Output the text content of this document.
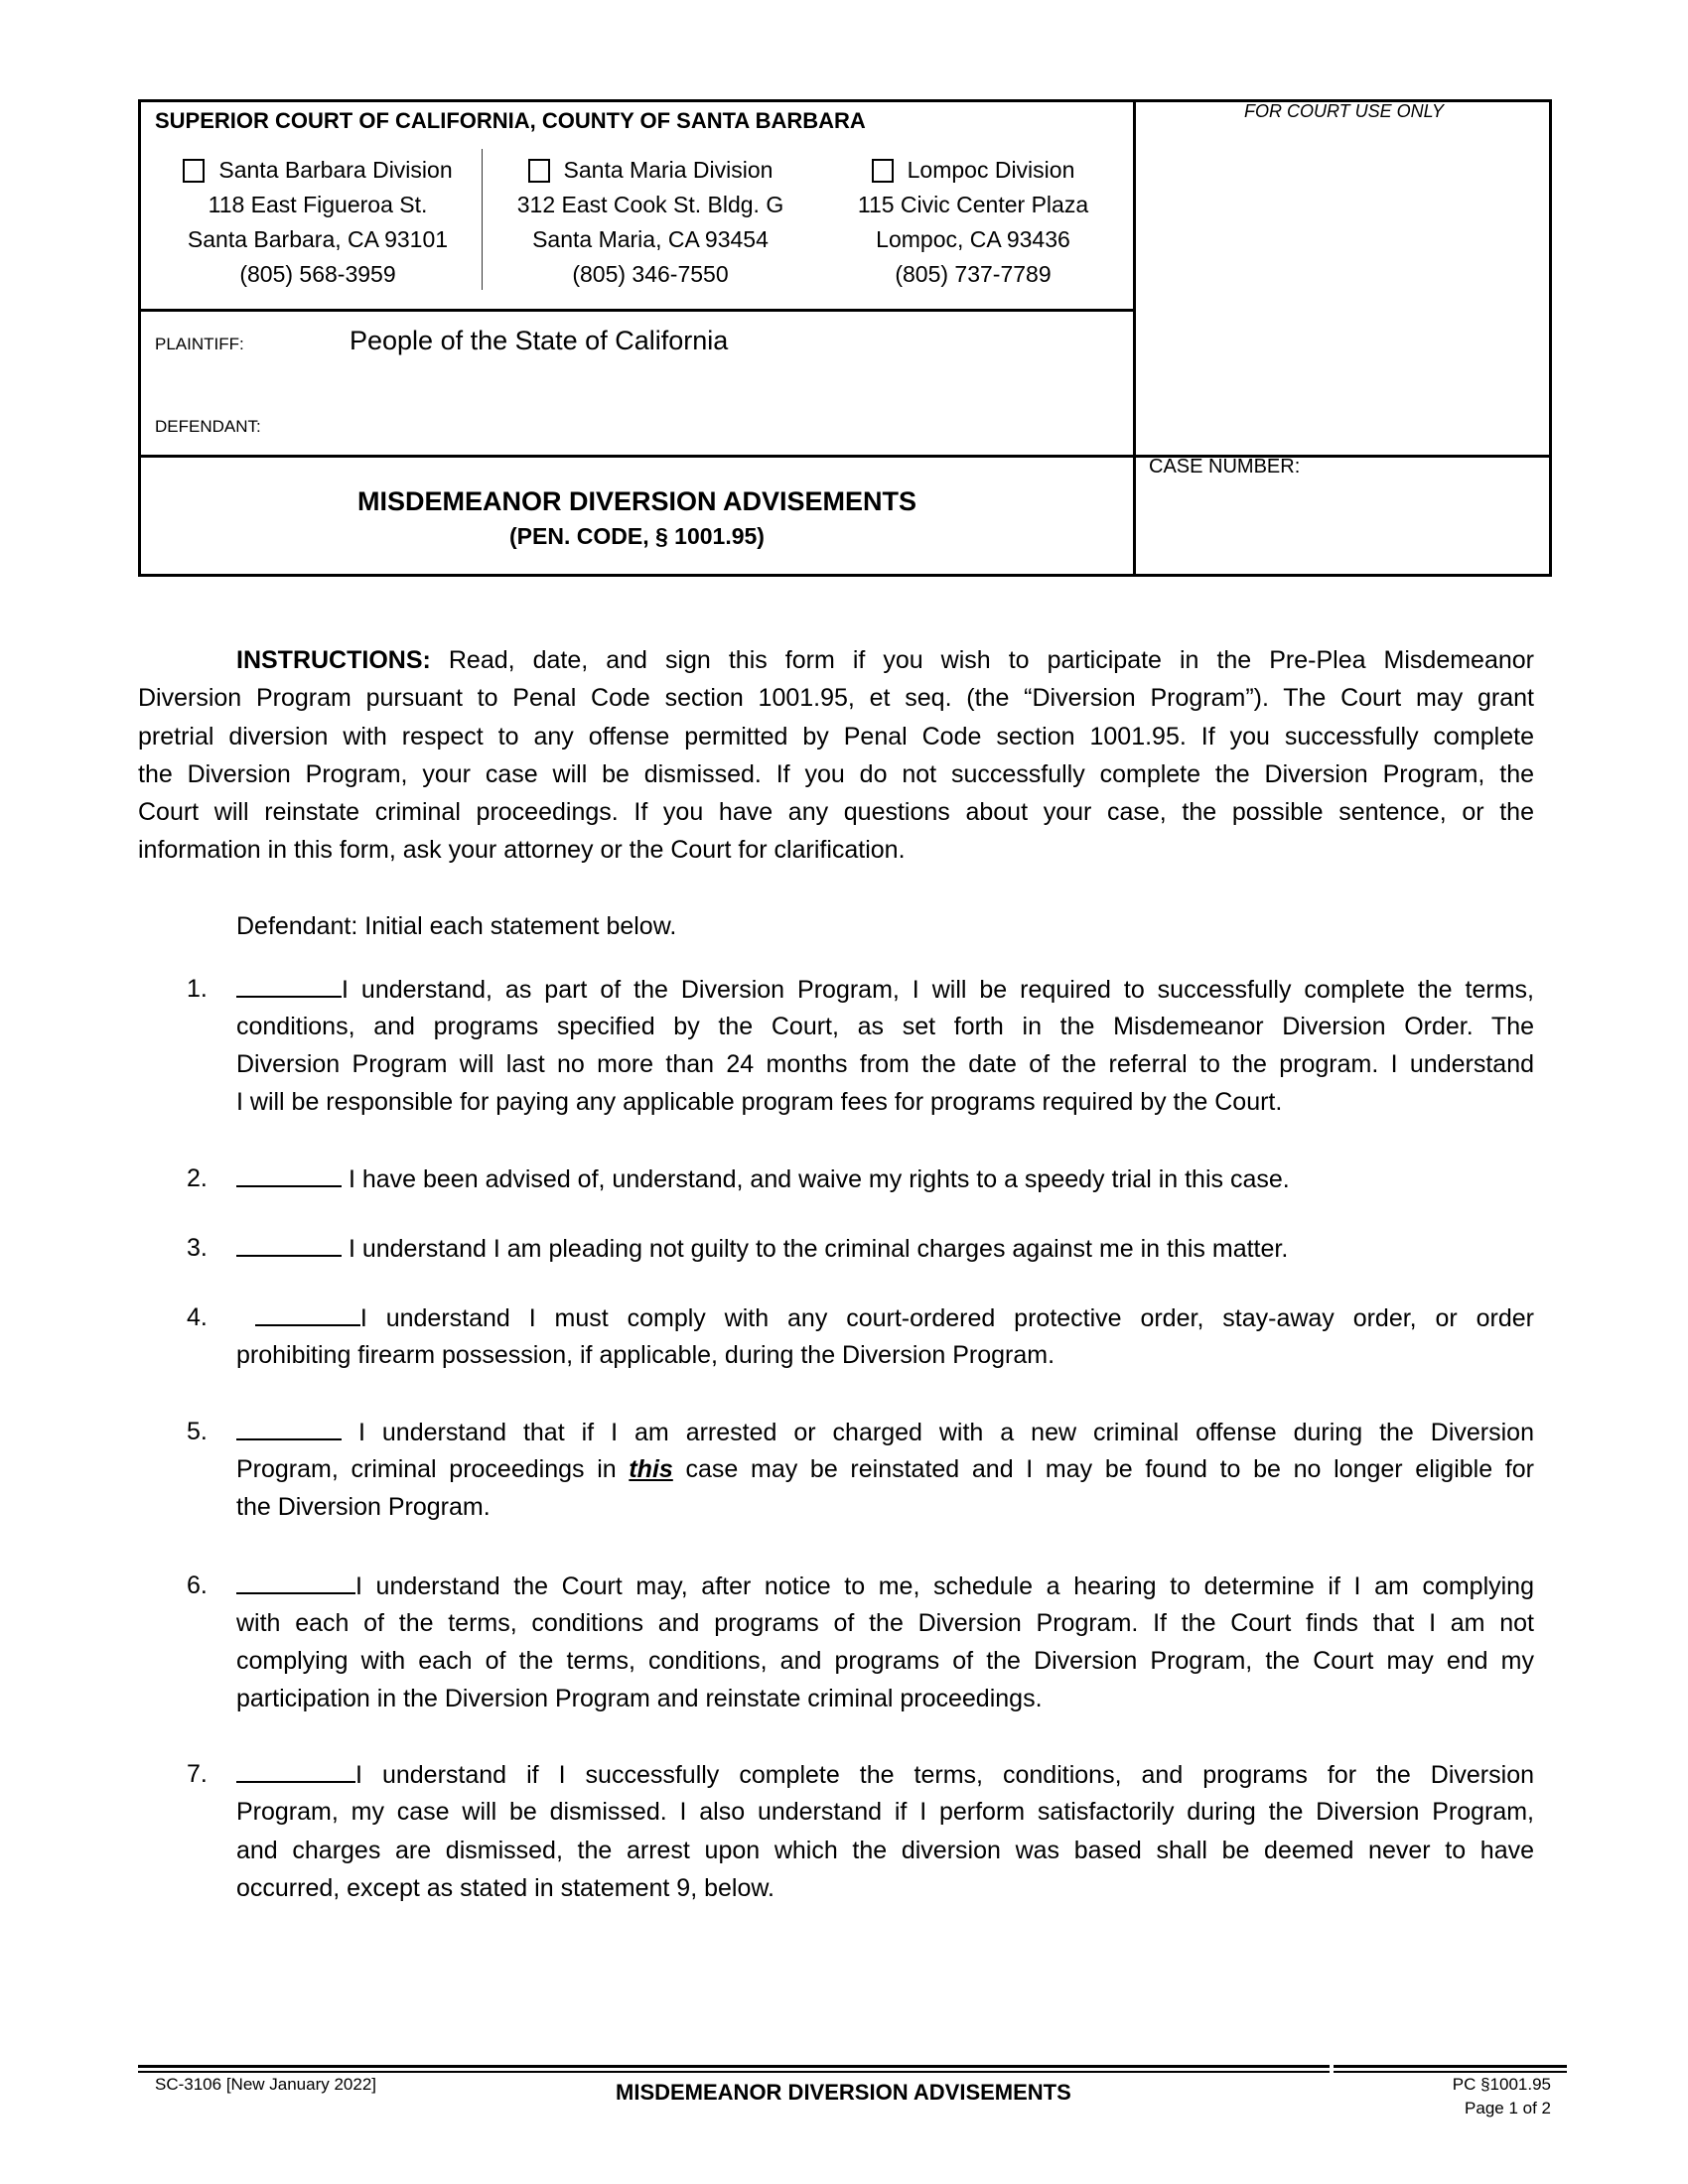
SUPERIOR COURT OF CALIFORNIA, COUNTY OF SANTA BARBARA
Santa Barbara Division
118 East Figueroa St.
Santa Barbara, CA 93101
(805) 568-3959
Santa Maria Division
312 East Cook St. Bldg. G
Santa Maria, CA 93454
(805) 346-7550
Lompoc Division
115 Civic Center Plaza
Lompoc, CA 93436
(805) 737-7789
PLAINTIFF:	People of the State of California
DEFENDANT:
MISDEMEANOR DIVERSION ADVISEMENTS
(PEN. CODE, § 1001.95)
FOR COURT USE ONLY
CASE NUMBER:
INSTRUCTIONS: Read, date, and sign this form if you wish to participate in the Pre-Plea Misdemeanor
Diversion Program pursuant to Penal Code section 1001.95, et seq. (the “Diversion Program”). The Court may grant
pretrial diversion with respect to any offense permitted by Penal Code section 1001.95. If you successfully complete
the Diversion Program, your case will be dismissed. If you do not successfully complete the Diversion Program, the
Court will reinstate criminal proceedings. If you have any questions about your case, the possible sentence, or the
information in this form, ask your attorney or the Court for clarification.
Defendant: Initial each statement below.
1.	I understand, as part of the Diversion Program, I will be required to successfully complete the terms,
conditions, and programs specified by the Court, as set forth in the Misdemeanor Diversion Order. The
Diversion Program will last no more than 24 months from the date of the referral to the program. I understand
I will be responsible for paying any applicable program fees for programs required by the Court.
2.	I have been advised of, understand, and waive my rights to a speedy trial in this case.
3.	I understand I am pleading not guilty to the criminal charges against me in this matter.
4.	I understand I must comply with any court-ordered protective order, stay-away order, or order
prohibiting firearm possession, if applicable, during the Diversion Program.
5.	I understand that if I am arrested or charged with a new criminal offense during the Diversion
Program, criminal proceedings in this case may be reinstated and I may be found to be no longer eligible for
the Diversion Program.
6.	I understand the Court may, after notice to me, schedule a hearing to determine if I am complying
with each of the terms, conditions and programs of the Diversion Program. If the Court finds that I am not
complying with each of the terms, conditions, and programs of the Diversion Program, the Court may end my
participation in the Diversion Program and reinstate criminal proceedings.
7.	I understand if I successfully complete the terms, conditions, and programs for the Diversion
Program, my case will be dismissed. I also understand if I perform satisfactorily during the Diversion Program,
and charges are dismissed, the arrest upon which the diversion was based shall be deemed never to have
occurred, except as stated in statement 9, below.
SC-3106 [New January 2022]	MISDEMEANOR DIVERSION ADVISEMENTS	PC §1001.95
Page 1 of 2
